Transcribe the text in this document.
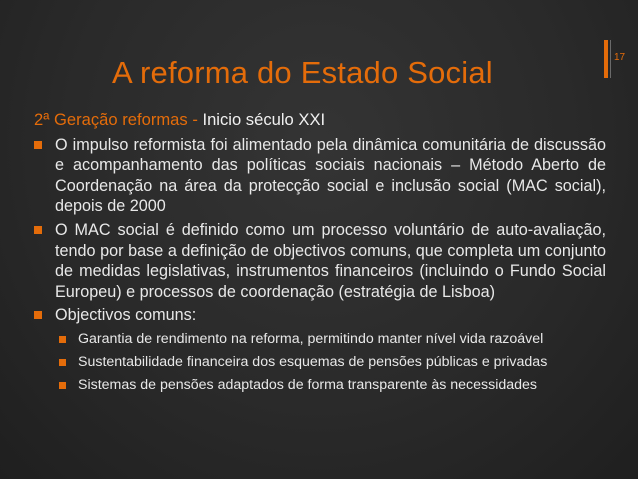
A reforma do Estado Social	17
2ª Geração reformas - Inicio século XXI
O impulso reformista foi alimentado pela dinâmica comunitária de discussão e acompanhamento das políticas sociais nacionais – Método Aberto de Coordenação na área da protecção social e inclusão social (MAC social), depois de 2000
O MAC social é definido como um processo voluntário de auto-avaliação, tendo por base a definição de objectivos comuns, que completa um conjunto de medidas legislativas, instrumentos financeiros (incluindo o Fundo Social Europeu) e processos de coordenação (estratégia de Lisboa)
Objectivos comuns:
Garantia de rendimento na reforma, permitindo manter nível vida razoável
Sustentabilidade financeira dos esquemas de pensões públicas e privadas
Sistemas de pensões adaptados de forma transparente às necessidades
